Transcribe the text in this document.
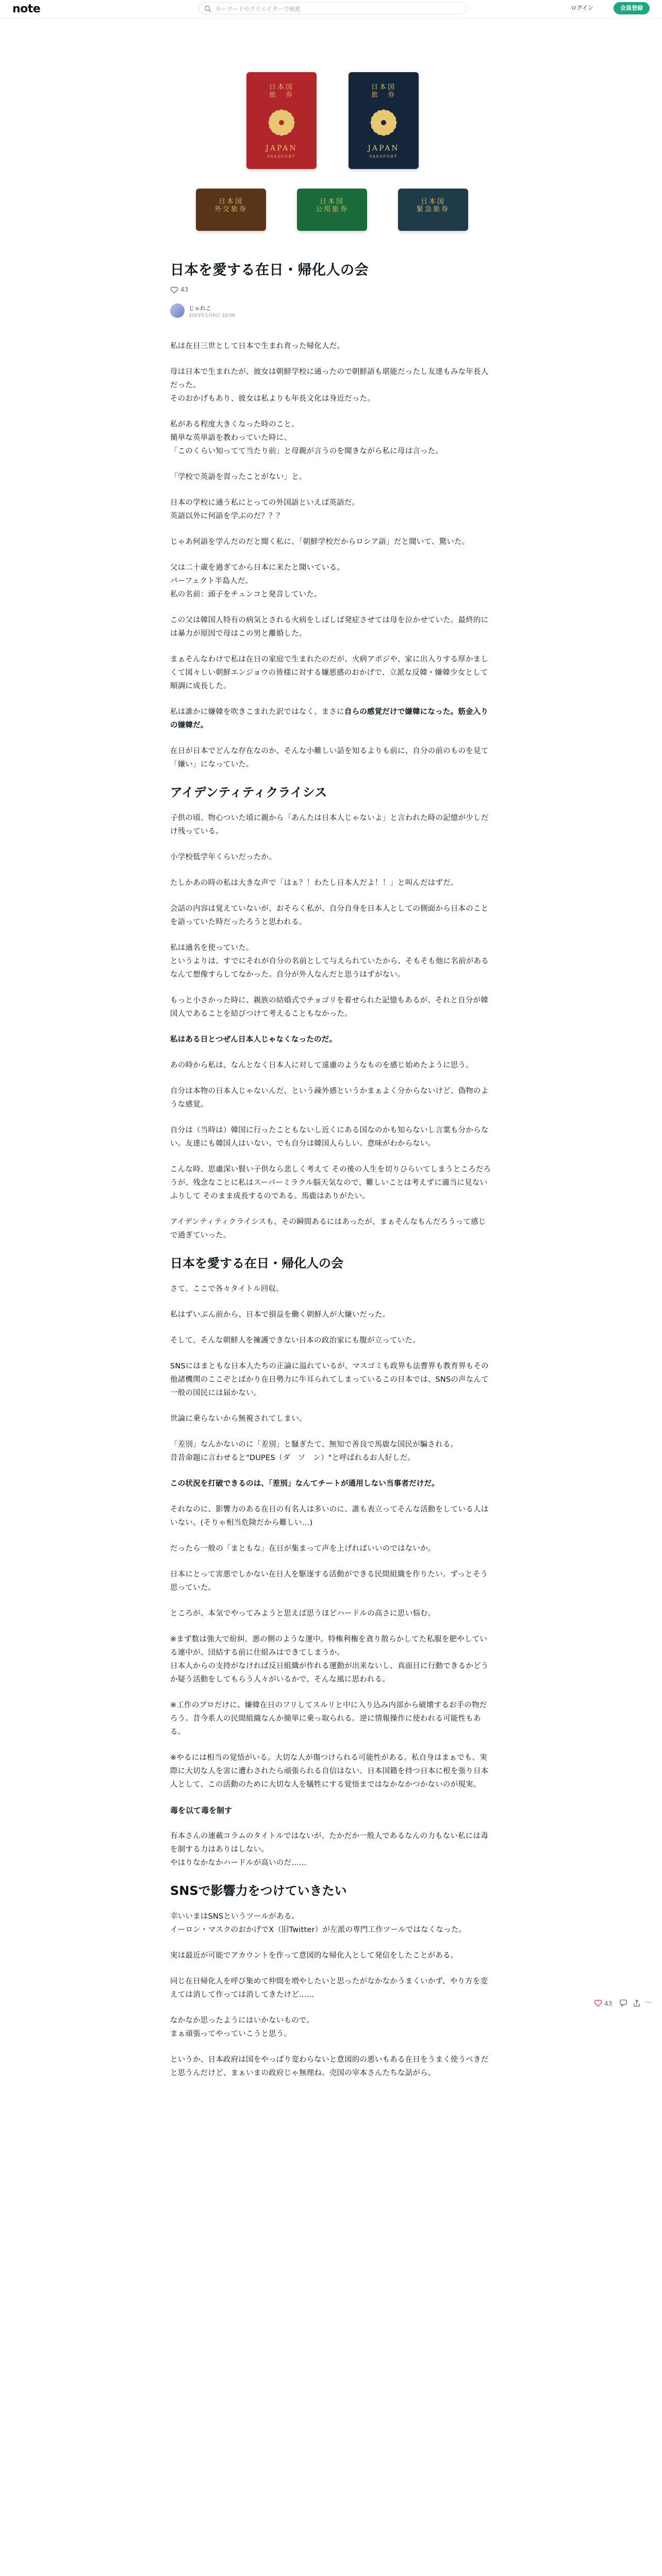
note	キーワードやクリエイターで検索	ログイン	会員登録
日本国
旅　券
JAPAN
PASSPORT
日本国
旅　券
JAPAN
PASSPORT
日本国
外交旅券
日本国
公用旅券
日本国
緊急旅券
日本を愛する在日・帰化人の会
43
じゃれこ
2023年1月6日 22:06

私は在日三世として日本で生まれ育った帰化人だ。

母は日本で生まれたが、彼女は朝鮮学校に通ったので朝鮮語も堪能だったし友達もみな年長人だった。
そのおかげもあり、彼女は私よりも年長文化は身近だった。

私がある程度大きくなった時のこと。
簡単な英単語を教わっていた時に、
「このくらい知ってて当たり前」と母親が言うのを聞きながら私に母は言った。

「学校で英語を習ったことがない」と。

日本の学校に通う私にとっての外国語といえば英語だ。
英語以外に何語を学ぶのだ？？？

じゃあ何語を学んだのだと聞く私に、「朝鮮学校だからロシア語」だと聞いて、驚いた。

父は二十歳を過ぎてから日本に来たと聞いている。
パーフェクト半島人だ。
私の名前：頭子をチュンコと発音していた。

この父は韓国人特有の病気とされる火病をしばしば発症させては母を泣かせていた。最終的には暴力が原因で母はこの男と離婚した。

まぁそんなわけで私は在日の家庭で生まれたのだが、火病アボジや、家に出入りする厚かましくて図々しい朝鮮エンジョウの皆様に対する嫌悪感のおかげで、立派な反韓・嫌韓少女として順調に成長した。

私は誰かに嫌韓を吹きこまれた訳ではなく、まさに自らの感覚だけで嫌韓になった。筋金入りの嫌韓だ。

在日が日本でどんな存在なのか、そんな小難しい話を知るよりも前に、自分の前のものを見て「嫌い」になっていた。

アイデンティティクライシス

子供の頃、物心ついた頃に親から「あんたは日本人じゃないよ」と言われた時の記憶が少しだけ残っている。

小学校低学年くらいだったか。

たしかあの時の私は大きな声で「はぁ？！わたし日本人だよ！！」と叫んだはずだ。

会話の内容は覚えていないが、おそらく私が、自分自身を日本人としての側面から日本のことを語っていた時だったろうと思われる。

私は通名を使っていた。
というよりは、すでにそれが自分の名前として与えられていたから、そもそも他に名前があるなんて想像すらしてなかった。自分が外人なんだと思うはずがない。

もっと小さかった時に、親族の結婚式でチョゴリを着せられた記憶もあるが、それと自分が韓国人であることを結びつけて考えることもなかった。

私はある日とつぜん日本人じゃなくなったのだ。

あの時から私は、なんとなく日本人に対して遠慮のようなものを感じ始めたように思う。

自分は本物の日本人じゃないんだ、という疎外感というかまぁよく分からないけど、偽物のような感覚。

自分は（当時は）韓国に行ったこともないし近くにある国なのかも知らないし言葉も分からない。友達にも韓国人はいない。でも自分は韓国人らしい。意味がわからない。

こんな時、思慮深い賢い子供なら悲しく考えて その後の人生を切りひらいてしまうところだろうが、残念なことに私はスーパーミラクル脳天気なので、難しいことは考えずに適当に見ないふりして そのまま成長するのである。馬鹿はありがたい。

アイデンティティクライシスも、その瞬間あるにはあったが、まぁそんなもんだろうって感じで過ぎていった。

日本を愛する在日・帰化人の会

さて、ここで各々タイトル回収。

私はずいぶん前から、日本で損益を働く朝鮮人が大嫌いだった。

そして、そんな朝鮮人を擁護できない日本の政治家にも腹が立っていた。

SNSにはまともな日本人たちの正論に溢れているが、マスゴミも政界も法曹界も教育界もその他諸機関のここぞとばかり在日勢力に牛耳られてしまっているこの日本では、SNSの声なんて一般の国民には届かない。

世論に乗らないから無視されてしまい。

「差別」なんかないのに「差別」と騒ぎたて、無知で善良で馬鹿な国民が騙される。
昔昔命題に言わせると"DUPES（ダ　ソ　ン）"と呼ばれるお人好しだ。

この状況を打破できるのは、「差別」なんてチートが通用しない当事者だけだ。

それなのに、影響力のある在日の有名人は多いのに、誰も表立ってそんな活動をしている人はいない。(そりゃ相当危険だから難しい…)

だったら一般の「まともな」在日が集まって声を上げればいいのではないか。

日本にとって害悪でしかない在日人を駆逐する活動ができる民間組織を作りたい。ずっとそう思っていた。

ところが、本気でやってみようと思えば思うほどハードルの高さに思い悩む。

※まず数は強大で紛糾、悪の側のような運中。特権利権を貪り散らかしてた私服を肥やしている連中が、団結する前に仕組みはできてしまうか。
日本人からの支持がなければ反日組織が作れる運動が出来ないし、真面目に行動できるかどうか疑う活動をしてもらう人々がいるかで、そんな風に思われる。

※工作のプロだけに、嫌韓在日のフリしてスルリと中に入り込み内部から破壊するお手の物だろう。昔今系人の民間組織なんか簡単に乗っ取られる。逆に情報操作に使われる可能性もある。

※やるには相当の覚悟がいる。大切な人が傷つけられる可能性がある。私自身はまぁでも、実際に大切な人を害に遭わされたら頑張られる自信はない。日本国籍を持つ日本に根を張り日本人として、この活動のために大切な人を犠牲にする覚悟まではなかなかつかないのが現実。

毒を以て毒を制す

有本さんの連載コラムのタイトルではないが、たかだか一般人であるなんの力もない私には毒を制する力はありはしない。
やはりなかなかハードルが高いのだ……

SNSで影響力をつけていきたい

幸いいまはSNSというツールがある。
イーロン・マスクのおかげでX（旧Twitter）が左派の専門工作ツールではなくなった。

実は最近が可能でアカウントを作って意図的な帰化人として発信をしたことがある。

同じ在日帰化人を呼び集めて仲間を増やしたいと思ったがなかなかうまくいかず、やり方を変えては消して作っては消してきたけど……

なかなか思ったようにはいかないもので。
まぁ頑張ってやっていこうと思う。

というか、日本政府は国をやっぱり変わらないと意図的の悪いもある在日をうまく使うべきだと思うんだけど、まぁいまの政府じゃ無理ね。売国の宰本さんたちな話がら。

43	⋯
